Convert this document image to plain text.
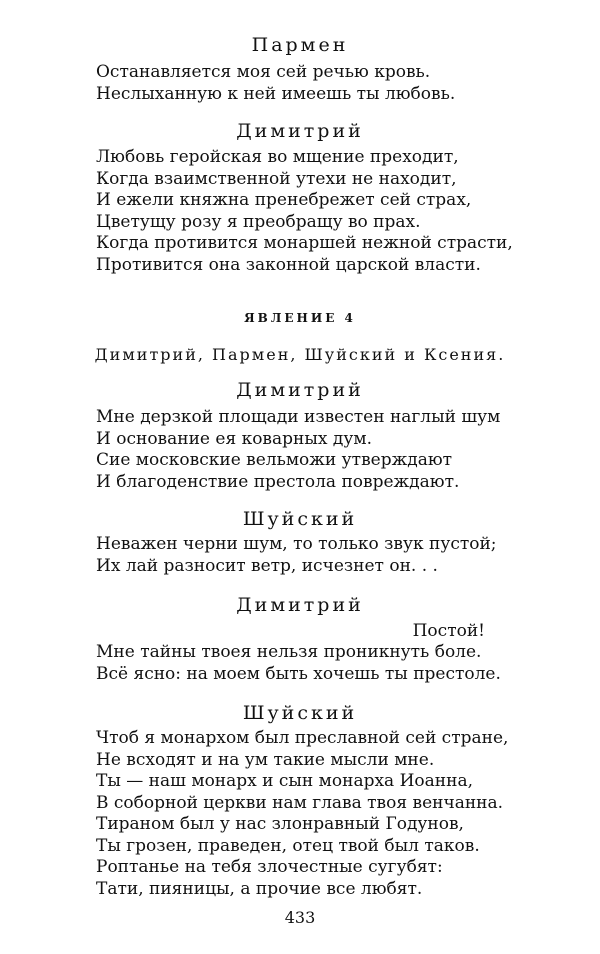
Пармен
Останавляется моя сей речью кровь.
Неслыханную к ней имеешь ты любовь.
Димитрий
Любовь геройская во мщение преходит,
Когда взаимственной утехи не находит,
И ежели княжна пренебрежет сей страх,
Цветущу розу я преобращу во прах.
Когда противится монаршей нежной страсти,
Противится она законной царской власти.
ЯВЛЕНИЕ 4
Димитрий, Пармен, Шуйский и Ксения.
Димитрий
Мне дерзкой площади известен наглый шум
И основание ея коварных дум.
Сие московские вельможи утверждают
И благоденствие престола повреждают.
Шуйский
Неважен черни шум, то только звук пустой;
Их лай разносит ветр, исчезнет он. . .
Димитрий
Постой!
Мне тайны твоея нельзя проникнуть боле.
Всё ясно: на моем быть хочешь ты престоле.
Шуйский
Чтоб я монархом был преславной сей стране,
Не всходят и на ум такие мысли мне.
Ты — наш монарх и сын монарха Иоанна,
В соборной церкви нам глава твоя венчанна.
Тираном был у нас злонравный Годунов,
Ты грозен, праведен, отец твой был таков.
Роптанье на тебя злочестные сугубят:
Тати, пияницы, а прочие все любят.
433
